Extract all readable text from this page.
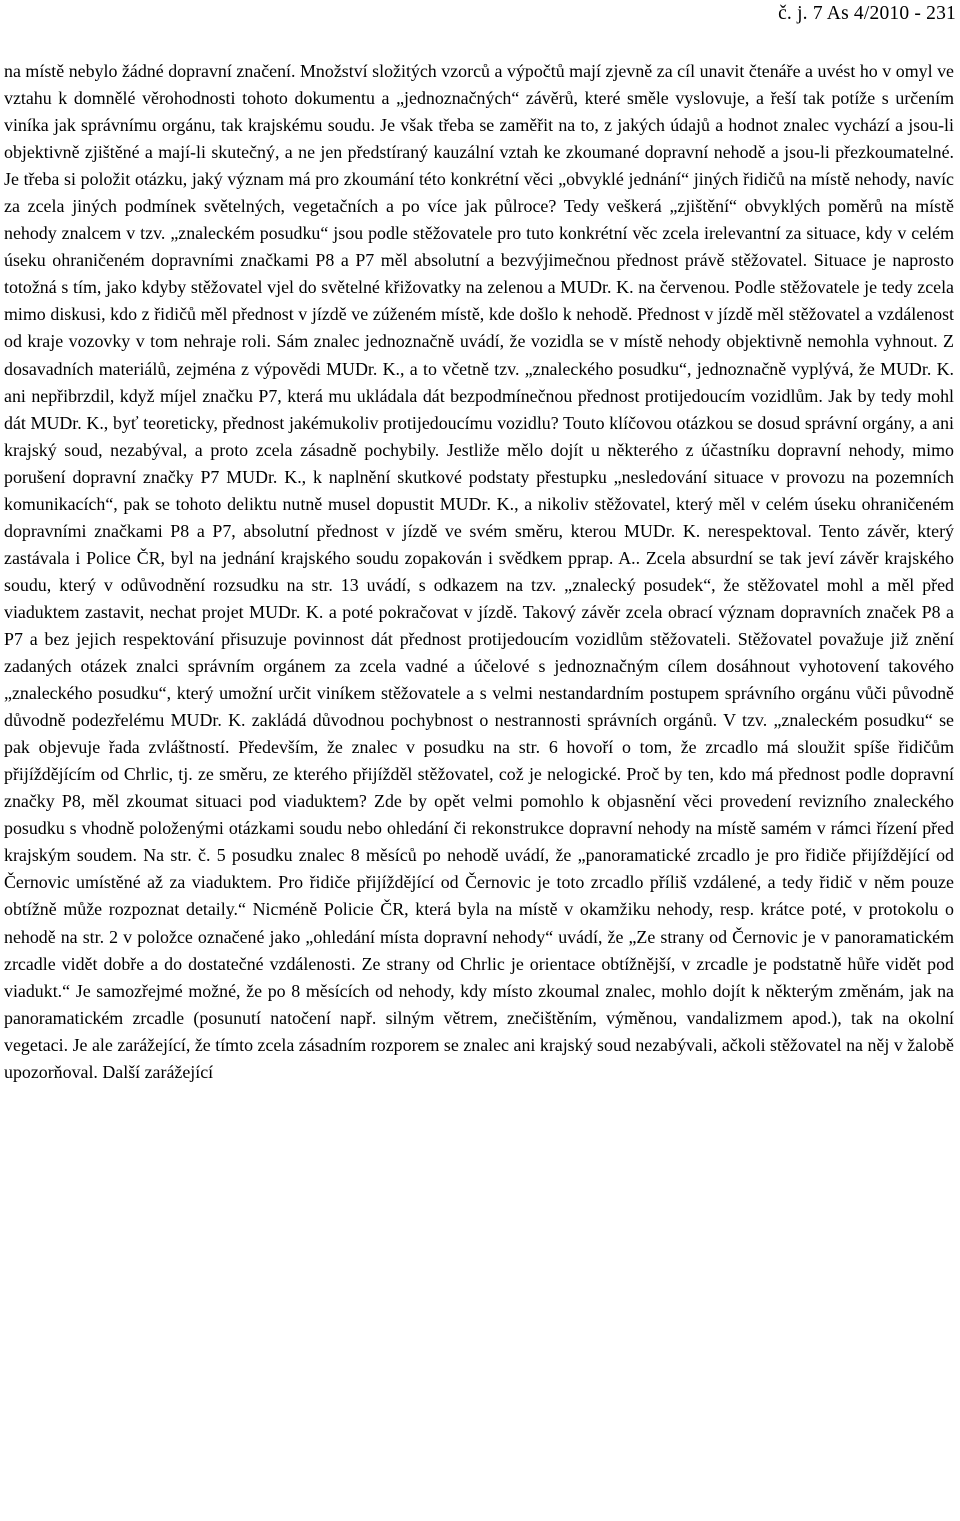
č. j. 7 As 4/2010 - 231

na místě nebylo žádné dopravní značení. Množství složitých vzorců a výpočtů mají zjevně za cíl unavit čtenáře a uvést ho v omyl ve vztahu k domnělé věrohodnosti tohoto dokumentu a „jednoznačných“ závěrů, které směle vyslovuje, a řeší tak potíže s určením viníka jak správnímu orgánu, tak krajskému soudu. Je však třeba se zaměřit na to, z jakých údajů a hodnot znalec vychází a jsou-li objektivně zjištěné a mají-li skutečný, a ne jen předstíraný kauzální vztah ke zkoumané dopravní nehodě a jsou-li přezkoumatelné. Je třeba si položit otázku, jaký význam má pro zkoumání této konkrétní věci „obvyklé jednání“ jiných řidičů na místě nehody, navíc za zcela jiných podmínek světelných, vegetačních a po více jak půlroce? Tedy veškerá „zjištění“ obvyklých poměrů na místě nehody znalcem v tzv. „znaleckém posudku“ jsou podle stěžovatele pro tuto konkrétní věc zcela irelevantní za situace, kdy v celém úseku ohraničeném dopravními značkami P8 a P7 měl absolutní a bezvýjimečnou přednost právě stěžovatel. Situace je naprosto totožná s tím, jako kdyby stěžovatel vjel do světelné křižovatky na zelenou a MUDr. K. na červenou. Podle stěžovatele je tedy zcela mimo diskusi, kdo z řidičů měl přednost v jízdě ve zúženém místě, kde došlo k nehodě. Přednost v jízdě měl stěžovatel a vzdálenost od kraje vozovky v tom nehraje roli. Sám znalec jednoznačně uvádí, že vozidla se v místě nehody objektivně nemohla vyhnout. Z dosavadních materiálů, zejména z výpovědi MUDr. K., a to včetně tzv. „znaleckého posudku“, jednoznačně vyplývá, že MUDr. K. ani nepřibrzdil, když míjel značku P7, která mu ukládala dát bezpodmínečnou přednost protijedoucím vozidlům. Jak by tedy mohl dát MUDr. K., byť teoreticky, přednost jakémukoliv protijedoucímu vozidlu? Touto klíčovou otázkou se dosud správní orgány, a ani krajský soud, nezabýval, a proto zcela zásadně pochybily. Jestliže mělo dojít u některého z účastníku dopravní nehody, mimo porušení dopravní značky P7 MUDr. K., k naplnění skutkové podstaty přestupku „nesledování situace v provozu na pozemních komunikacích“, pak se tohoto deliktu nutně musel dopustit MUDr. K., a nikoliv stěžovatel, který měl v celém úseku ohraničeném dopravními značkami P8 a P7, absolutní přednost v jízdě ve svém směru, kterou MUDr. K. nerespektoval. Tento závěr, který zastávala i Police ČR, byl na jednání krajského soudu zopakován i svědkem pprap. A.. Zcela absurdní se tak jeví závěr krajského soudu, který v odůvodnění rozsudku na str. 13 uvádí, s odkazem na tzv. „znalecký posudek“, že stěžovatel mohl a měl před viaduktem zastavit, nechat projet MUDr. K. a poté pokračovat v jízdě. Takový závěr zcela obrací význam dopravních značek P8 a P7 a bez jejich respektování přisuzuje povinnost dát přednost protijedoucím vozidlům stěžovateli. Stěžovatel považuje již znění zadaných otázek znalci správním orgánem za zcela vadné a účelové s jednoznačným cílem dosáhnout vyhotovení takového „znaleckého posudku“, který umožní určit viníkem stěžovatele a s velmi nestandardním postupem správního orgánu vůči původně důvodně podezřelému MUDr. K. zakládá důvodnou pochybnost o nestrannosti správních orgánů. V tzv. „znaleckém posudku“ se pak objevuje řada zvláštností. Především, že znalec v posudku na str. 6 hovoří o tom, že zrcadlo má sloužit spíše řidičům přijíždějícím od Chrlic, tj. ze směru, ze kterého přijížděl stěžovatel, což je nelogické. Proč by ten, kdo má přednost podle dopravní značky P8, měl zkoumat situaci pod viaduktem? Zde by opět velmi pomohlo k objasnění věci provedení revizního znaleckého posudku s vhodně položenými otázkami soudu nebo ohledání či rekonstrukce dopravní nehody na místě samém v rámci řízení před krajským soudem. Na str. č. 5 posudku znalec 8 měsíců po nehodě uvádí, že „panoramatické zrcadlo je pro řidiče přijíždějící od Černovic umístěné až za viaduktem. Pro řidiče přijíždějící od Černovic je toto zrcadlo příliš vzdálené, a tedy řidič v něm pouze obtížně může rozpoznat detaily.“ Nicméně Policie ČR, která byla na místě v okamžiku nehody, resp. krátce poté, v protokolu o nehodě na str. 2 v položce označené jako „ohledání místa dopravní nehody“ uvádí, že „Ze strany od Černovic je v panoramatickém zrcadle vidět dobře a do dostatečné vzdálenosti. Ze strany od Chrlic je orientace obtížnější, v zrcadle je podstatně hůře vidět pod viadukt.“ Je samozřejmé možné, že po 8 měsících od nehody, kdy místo zkoumal znalec, mohlo dojít k některým změnám, jak na panoramatickém zrcadle (posunutí natočení např. silným větrem, znečištěním, výměnou, vandalizmem apod.), tak na okolní vegetaci. Je ale zarážející, že tímto zcela zásadním rozporem se znalec ani krajský soud nezabývali, ačkoli stěžovatel na něj v žalobě upozorňoval. Další zarážející
